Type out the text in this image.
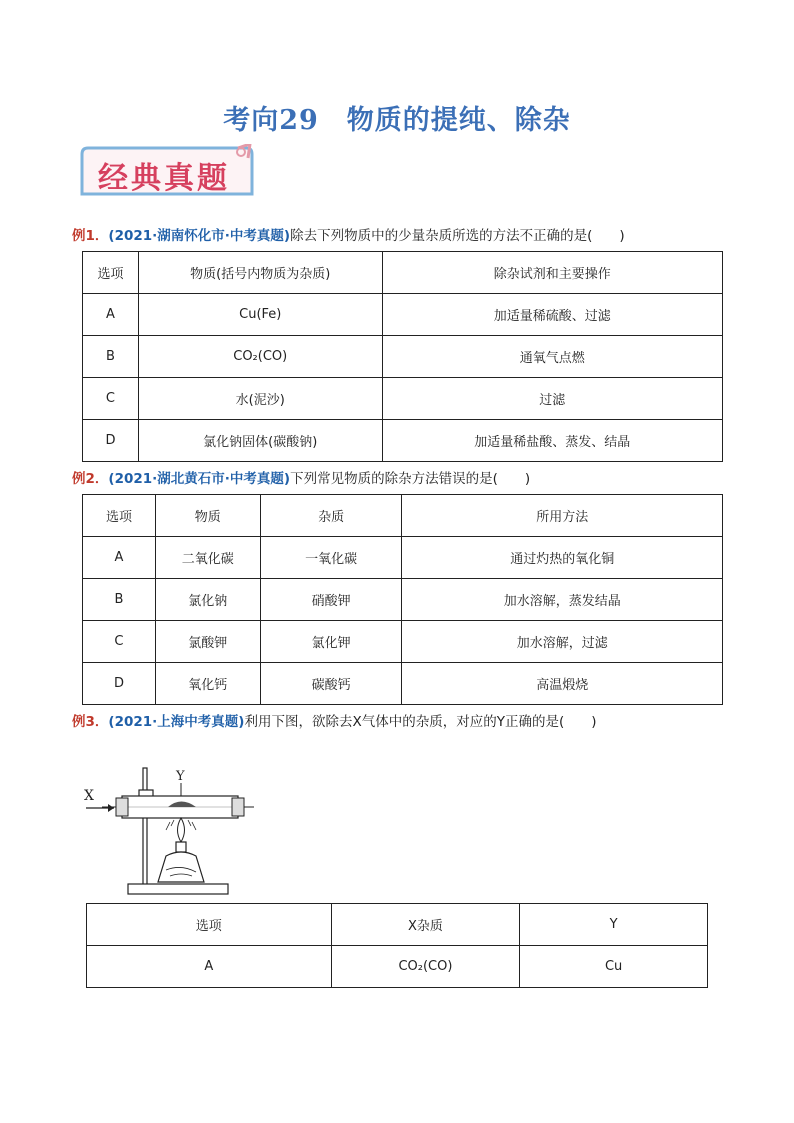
考向29　物质的提纯、除杂
经典真题
例1．(2021·湖南怀化市·中考真题)除去下列物质中的少量杂质所选的方法不正确的是(　　)
选项	物质(括号内物质为杂质)	除杂试剂和主要操作
A	Cu(Fe)	加适量稀硫酸、过滤
B	CO₂(CO)	通氧气点燃
C	水(泥沙)	过滤
D	氯化钠固体(碳酸钠)	加适量稀盐酸、蒸发、结晶
例2．(2021·湖北黄石市·中考真题)下列常见物质的除杂方法错误的是(　　)
选项	物质	杂质	所用方法
A	二氧化碳	一氧化碳	通过灼热的氧化铜
B	氯化钠	硝酸钾	加水溶解，蒸发结晶
C	氯酸钾	氯化钾	加水溶解，过滤
D	氧化钙	碳酸钙	高温煅烧
例3．(2021·上海中考真题)利用下图，欲除去X气体中的杂质，对应的Y正确的是(　　)
X
Y
选项	X杂质	Y
A	CO₂(CO)	Cu
